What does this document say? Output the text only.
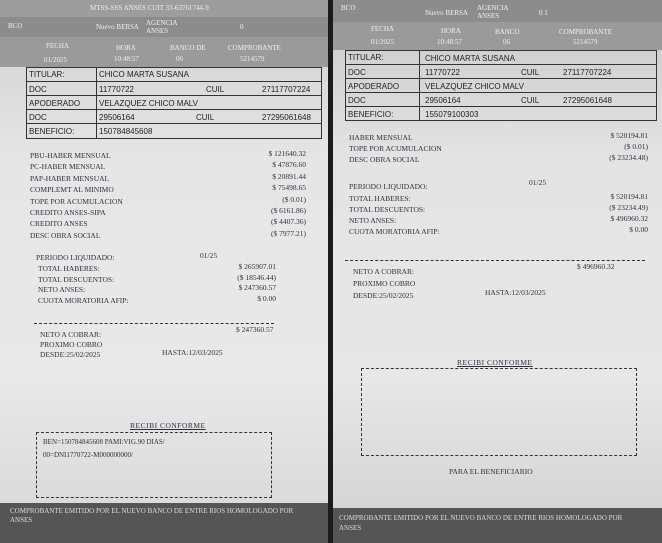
MTSS-SSS ANSES CUIT 33-63761744-9
BCO	Nuevo BERSA AGENCIA ANSES	0
FECHA	HORA	BANCO DE	COMPROBANTE
01/2025	10:48:57	06	5214579
TITULAR:	CHICO MARTA SUSANA
DOC	11770722	CUIL	27117707224
APODERADO VELAZQUEZ CHICO MALV
DOC	29506164	CUIL	27295061648
BENEFICIO:	150784845608
PBU-HABER MENSUAL	$ 121640.32
PC-HABER MENSUAL	$ 47876.60
PAP-HABER MENSUAL	$ 20891.44
COMPLEMT AL MINIMO	$ 75498.65
TOPE POR ACUMULACION	($ 0.01)
CREDITO ANSES-SIPA	($ 6161.86)
CREDITO ANSES	($ 4407.36)
DESC OBRA SOCIAL	($ 7977.21)
PERIODO LIQUIDADO:	01/25
TOTAL HABERES:	$ 265907.01
TOTAL DESCUENTOS:	($ 18546.44)
NETO ANSES:	$ 247360.57
CUOTA MORATORIA AFIP:	$ 0.00
NETO A COBRAR:
$ 247360.57
PROXIMO COBRO
DESDE:25/02/2025	HASTA:12/03/2025
RECIBI CONFORME
BEN=150784845608 PAMI:VIG.90 DIAS/
00=DNI1770722-M000000000/
COMPROBANTE EMITIDO POR EL NUEVO BANCO DE ENTRE RIOS HOMOLOGADO POR
ANSES
BCO
Nuevo BERSA
AGENCIA ANSES	0 1
FECHA	HORA	BANCO	COMPROBANTE
01/2025	10:48:57	06	5214579
TITULAR:	CHICO MARTA SUSANA
DOC	11770722	CUIL	27117707224
APODERADO	VELAZQUEZ CHICO MALV
DOC	29506164	CUIL	27295061648
BENEFICIO:	155079100303
HABER MENSUAL	$ 520194.81
TOPE POR ACUMULACION	($ 0.01)
DESC OBRA SOCIAL	($ 23234.48)
PERIODO LIQUIDADO:	01/25
TOTAL HABERES:	$ 520194.81
TOTAL DESCUENTOS:	($ 23234.49)
NETO ANSES:	$ 496960.32
CUOTA MORATORIA AFIP:	$ 0.00
NETO A COBRAR:
$ 496960.32
PROXIMO COBRO
DESDE:25/02/2025	HASTA:12/03/2025
RECIBI CONFORME
PARA EL BENEFICIARIO
COMPROBANTE EMITIDO POR EL NUEVO BANCO DE ENTRE RIOS HOMOLOGADO POR
ANSES
